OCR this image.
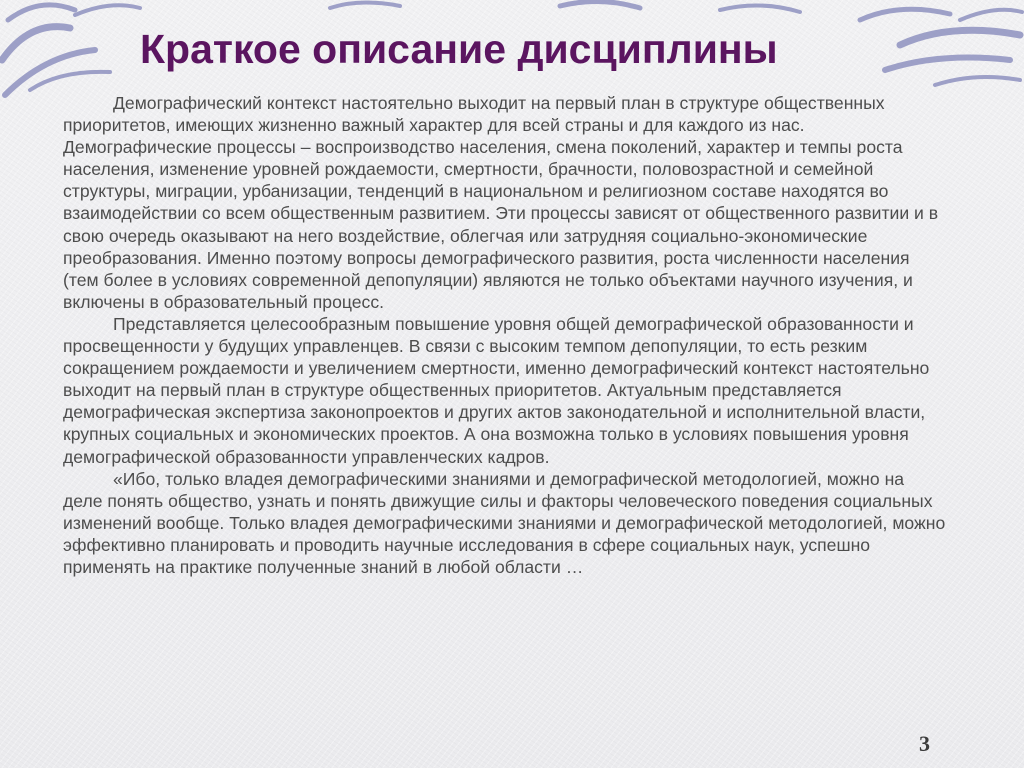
Краткое описание дисциплины

Демографический контекст настоятельно выходит на первый план в структуре общественных приоритетов, имеющих жизненно важный характер для всей страны и для каждого из нас. Демографические процессы – воспроизводство населения, смена поколений, характер и темпы роста населения, изменение уровней рождаемости, смертности, брачности, половозрастной и семейной структуры, миграции, урбанизации, тенденций в национальном и религиозном составе находятся во взаимодействии со всем общественным развитием. Эти процессы зависят от общественного развитии и в свою очередь оказывают на него воздействие, облегчая или затрудняя социально-экономические преобразования. Именно поэтому вопросы демографического развития, роста численности населения (тем более в условиях современной депопуляции) являются не только объектами научного изучения, и включены в образовательный процесс.

Представляется целесообразным повышение уровня общей демографической образованности и просвещенности у будущих управленцев. В связи с высоким темпом депопуляции, то есть резким сокращением рождаемости и увеличением смертности, именно демографический контекст настоятельно выходит на первый план в структуре общественных приоритетов. Актуальным представляется демографическая экспертиза законопроектов и других актов законодательной и исполнительной власти, крупных социальных и экономических проектов. А она возможна только в условиях повышения уровня демографической образованности управленческих кадров.

«Ибо, только владея демографическими знаниями и демографической методологией, можно на деле понять общество, узнать и понять движущие силы и факторы человеческого поведения социальных изменений вообще. Только владея демографическими знаниями и демографической методологией, можно эффективно планировать и проводить научные исследования в сфере социальных наук, успешно применять на практике полученные знаний в любой области …

3
